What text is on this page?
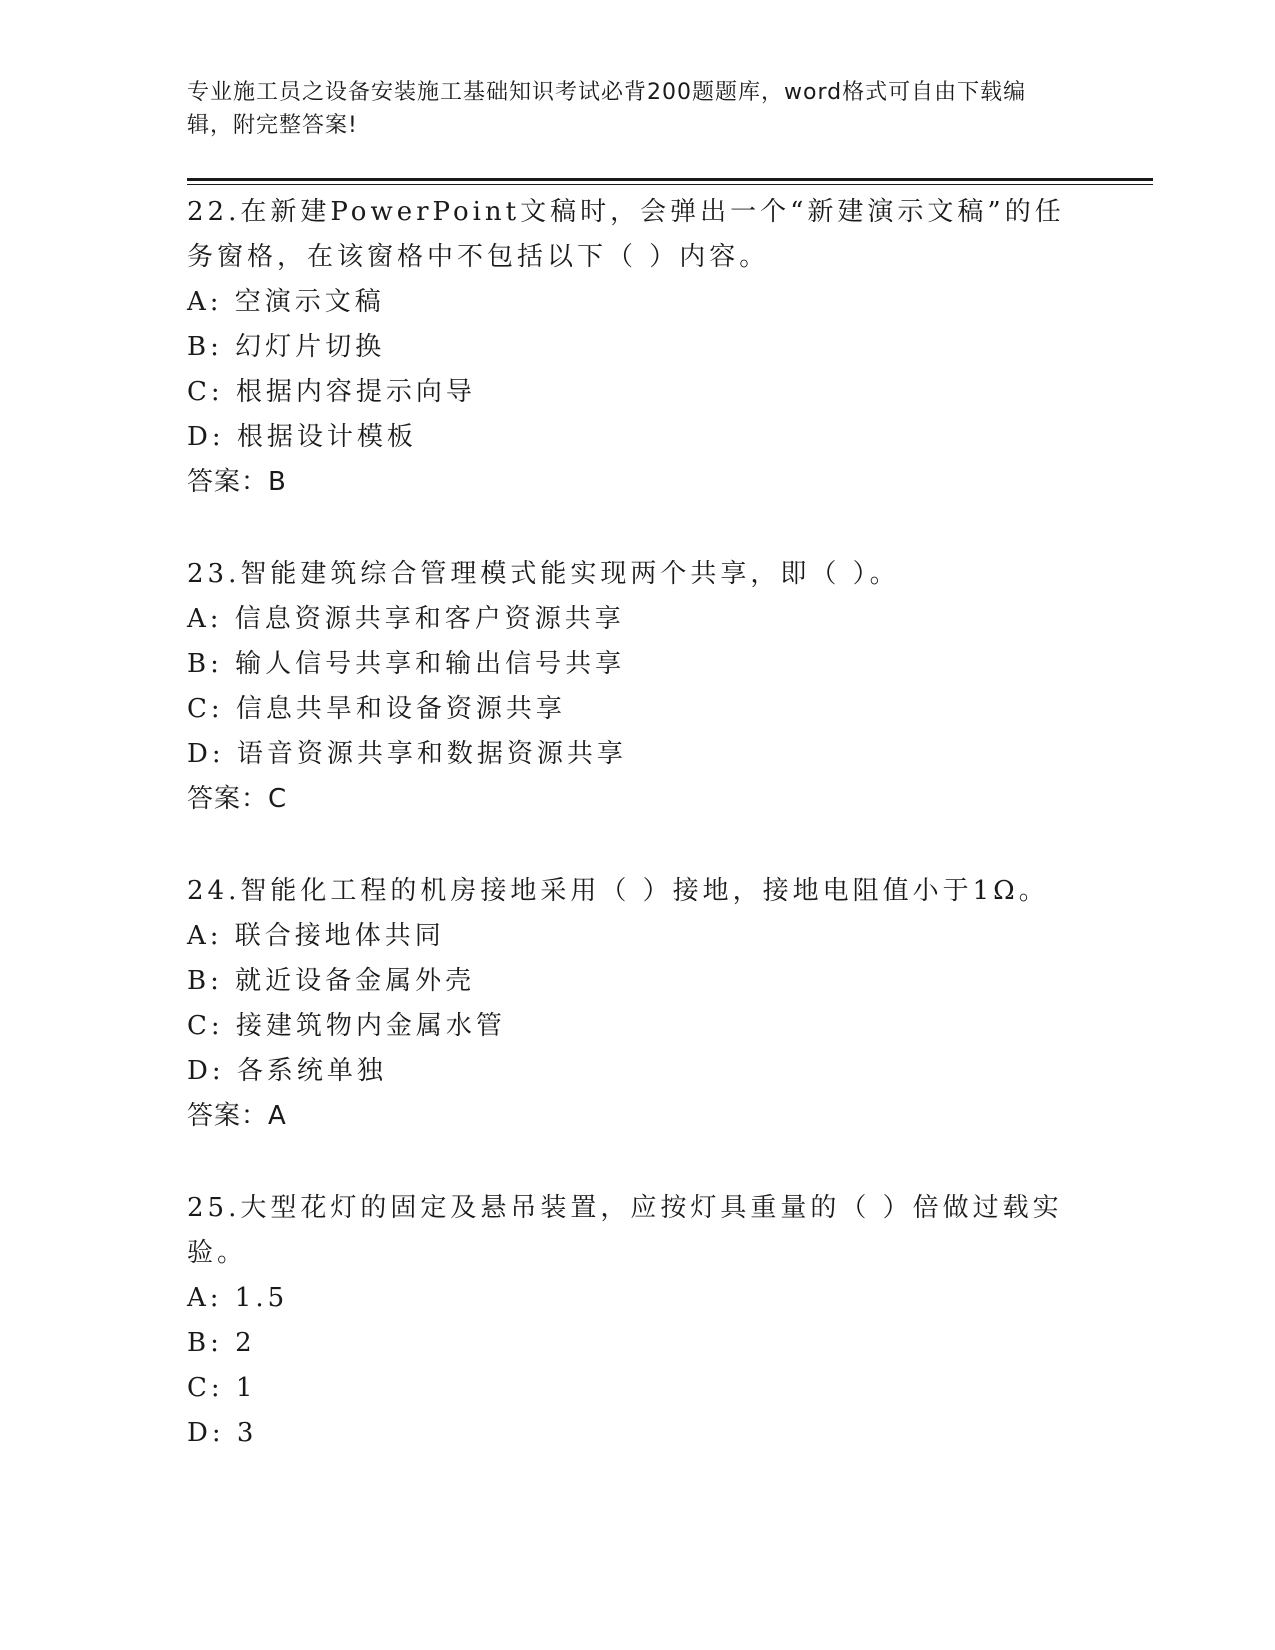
专业施工员之设备安装施工基础知识考试必背200题题库，word格式可自由下载编辑，附完整答案!
22.在新建PowerPoint文稿时，会弹出一个“新建演示文稿”的任务窗格，在该窗格中不包括以下（ ）内容。
A: 空演示文稿
B: 幻灯片切换
C: 根据内容提示向导
D: 根据设计模板
答案：B
23.智能建筑综合管理模式能实现两个共享，即（ ）。
A: 信息资源共享和客户资源共享
B: 输人信号共享和输出信号共享
C: 信息共旱和设备资源共享
D: 语音资源共享和数据资源共享
答案：C
24.智能化工程的机房接地采用（ ）接地，接地电阻值小于1Ω。
A: 联合接地体共同
B: 就近设备金属外壳
C: 接建筑物内金属水管
D: 各系统单独
答案：A
25.大型花灯的固定及悬吊装置，应按灯具重量的（ ）倍做过载实验。
A: 1.5
B: 2
C: 1
D: 3
